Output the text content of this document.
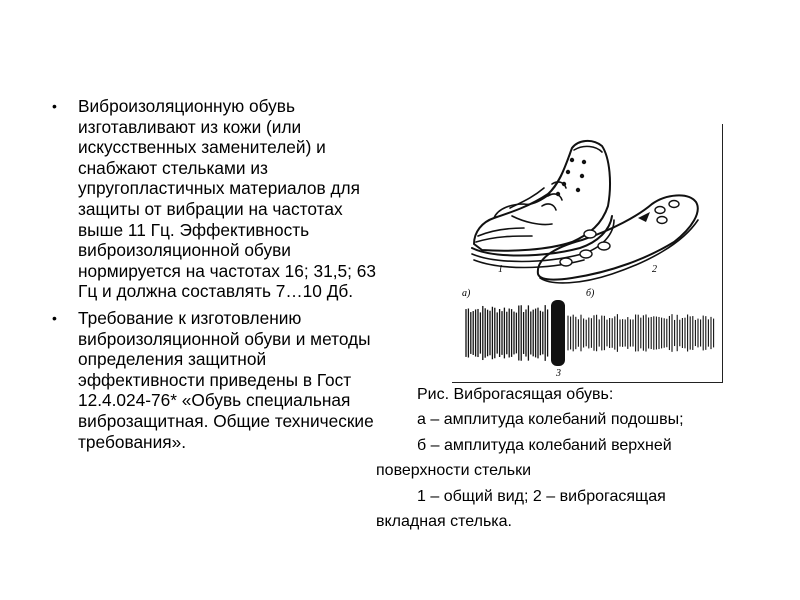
• Виброизоляционную обувь изготавливают из кожи (или искусственных заменителей) и снабжают стельками из упругопластичных материалов для защиты от вибрации на частотах выше 11 Гц. Эффективность виброизоляционной обуви нормируется на частотах 16; 31,5; 63 Гц и должна составлять 7…10 Дб.
• Требование к изготовлению виброизоляционной обуви и методы определения защитной эффективности приведены в Гост 12.4.024-76* «Обувь специальная виброзащитная. Общие технические требования».
1	2
а)	б)
3
Рис. Виброгасящая обувь:
а – амплитуда колебаний подошвы;
б – амплитуда колебаний верхней
поверхности стельки
1 – общий вид; 2 – виброгасящая
вкладная стелька.
